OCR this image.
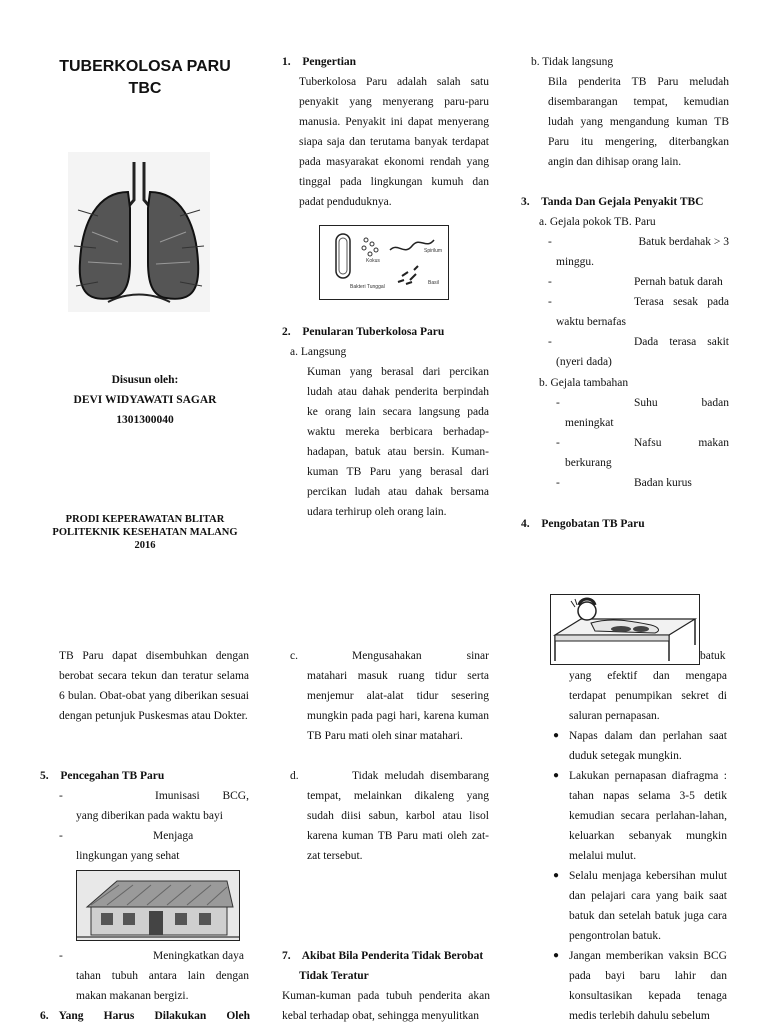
TUBERKOLOSA PARU
TBC
Disusun oleh:
DEVI WIDYAWATI SAGAR
1301300040
PRODI KEPERAWATAN BLITAR
POLITEKNIK KESEHATAN MALANG
2016
1. Pengertian
Tuberkolosa Paru adalah salah satu penyakit yang menyerang paru-paru manusia. Penyakit ini dapat menyerang siapa saja dan terutama banyak terdapat pada masyarakat ekonomi rendah yang tinggal pada lingkungan kumuh dan padat penduduknya.
Kokus
Spirilum
Bakteri Tunggal
Basil
2. Penularan Tuberkolosa Paru
a. Langsung
Kuman yang berasal dari percikan ludah atau dahak penderita berpindah ke orang lain secara langsung pada waktu mereka berbicara berhadap-hadapan, batuk atau bersin. Kuman-kuman TB Paru yang berasal dari percikan ludah atau dahak bersama udara terhirup oleh orang lain.
b. Tidak langsung
Bila penderita TB Paru meludah disembarangan tempat, kemudian ludah yang mengandung kuman TB Paru itu mengering, diterbangkan angin dan dihisap orang lain.
3. Tanda Dan Gejala Penyakit TBC
a. Gejala pokok TB. Paru
-	Batuk berdahak > 3
minggu.
-	Pernah batuk darah
-	Terasa sesak pada
waktu bernafas
-	Dada terasa sakit
(nyeri dada)
b. Gejala tambahan
-	Suhu	badan
meningkat
-	Nafsu	makan
berkurang
-	Badan kurus
4. Pengobatan TB Paru
TB Paru dapat disembuhkan dengan berobat secara tekun dan teratur selama 6 bulan. Obat-obat yang diberikan sesuai dengan petunjuk Puskesmas atau Dokter.
5. Pencegahan TB Paru
-	Imunisasi BCG,
yang diberikan pada waktu bayi
-	Menjaga
lingkungan yang sehat
-	Meningkatkan daya
tahan tubuh antara lain dengan makan makanan bergizi.
c.	Mengusahakan sinar matahari masuk ruang tidur serta menjemur alat-alat tidur sesering mungkin pada pagi hari, karena kuman TB Paru mati oleh sinar matahari.
d.	Tidak meludah disembarang tempat, melainkan dikaleng yang sudah diisi sabun, karbol atau lisol karena kuman TB Paru mati oleh zat-zat tersebut.
6. Yang Harus Dilakukan Oleh
7. Akibat Bila Penderita Tidak Berobat
Tidak Teratur
Kuman-kuman pada tubuh penderita akan kebal terhadap obat, sehingga menyulitkan
batuk
yang efektif dan mengapa terdapat penumpikan sekret di saluran pernapasan.
● Napas dalam dan perlahan saat duduk setegak mungkin.
● Lakukan pernapasan diafragma : tahan napas selama 3-5 detik kemudian secara perlahan-lahan, keluarkan sebanyak mungkin melalui mulut.
● Selalu menjaga kebersihan mulut dan pelajari cara yang baik saat batuk dan setelah batuk juga cara pengontrolan batuk.
● Jangan memberikan vaksin BCG pada bayi baru lahir dan konsultasikan kepada tenaga medis terlebih dahulu sebelum
